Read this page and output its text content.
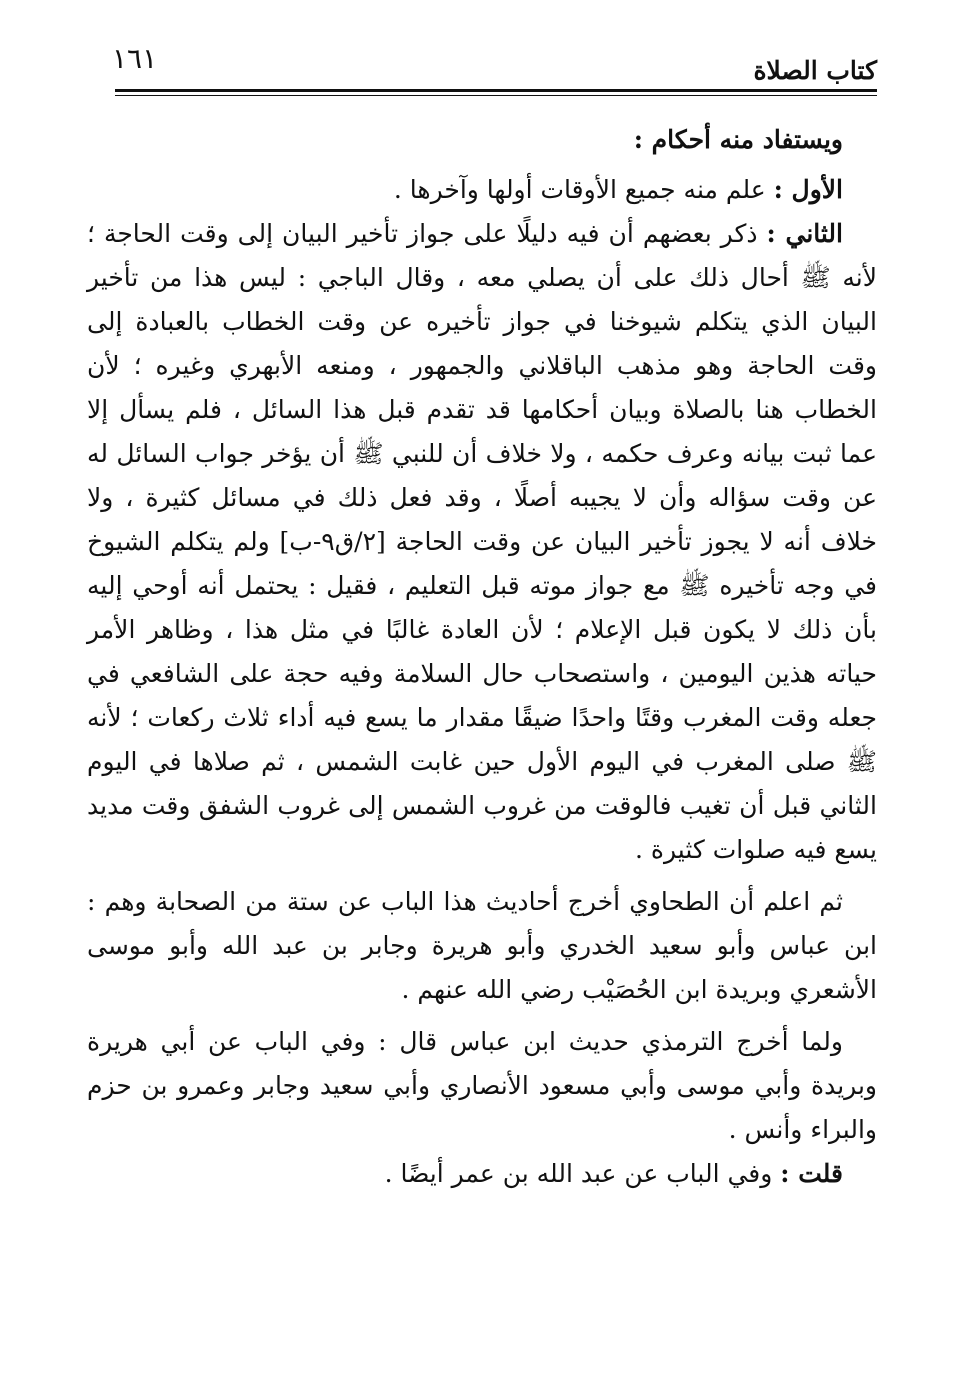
١٦١	كتاب الصلاة

ويستفاد منه أحكام :

الأول : علم منه جميع الأوقات أولها وآخرها .

الثاني : ذكر بعضهم أن فيه دليلًا على جواز تأخير البيان إلى وقت الحاجة ؛ لأنه ﷺ أحال ذلك على أن يصلي معه ، وقال الباجي : ليس هذا من تأخير البيان الذي يتكلم شيوخنا في جواز تأخيره عن وقت الخطاب بالعبادة إلى وقت الحاجة وهو مذهب الباقلاني والجمهور ، ومنعه الأبهري وغيره ؛ لأن الخطاب هنا بالصلاة وبيان أحكامها قد تقدم قبل هذا السائل ، فلم يسأل إلا عما ثبت بيانه وعرف حكمه ، ولا خلاف أن للنبي ﷺ أن يؤخر جواب السائل له عن وقت سؤاله وأن لا يجيبه أصلًا ، وقد فعل ذلك في مسائل كثيرة ، ولا خلاف أنه لا يجوز تأخير البيان عن وقت الحاجة [٢/ق٩-ب] ولم يتكلم الشيوخ في وجه تأخيره ﷺ مع جواز موته قبل التعليم ، فقيل : يحتمل أنه أوحي إليه بأن ذلك لا يكون قبل الإعلام ؛ لأن العادة غالبًا في مثل هذا ، وظاهر الأمر حياته هذين اليومين ، واستصحاب حال السلامة وفيه حجة على الشافعي في جعله وقت المغرب وقتًا واحدًا ضيقًا مقدار ما يسع فيه أداء ثلاث ركعات ؛ لأنه ﷺ صلى المغرب في اليوم الأول حين غابت الشمس ، ثم صلاها في اليوم الثاني قبل أن تغيب فالوقت من غروب الشمس إلى غروب الشفق وقت مديد يسع فيه صلوات كثيرة .

ثم اعلم أن الطحاوي أخرج أحاديث هذا الباب عن ستة من الصحابة وهم : ابن عباس وأبو سعيد الخدري وأبو هريرة وجابر بن عبد الله وأبو موسى الأشعري وبريدة ابن الحُصَيْب رضي الله عنهم .

ولما أخرج الترمذي حديث ابن عباس قال : وفي الباب عن أبي هريرة وبريدة وأبي موسى وأبي مسعود الأنصاري وأبي سعيد وجابر وعمرو بن حزم والبراء وأنس .

قلت : وفي الباب عن عبد الله بن عمر أيضًا .
